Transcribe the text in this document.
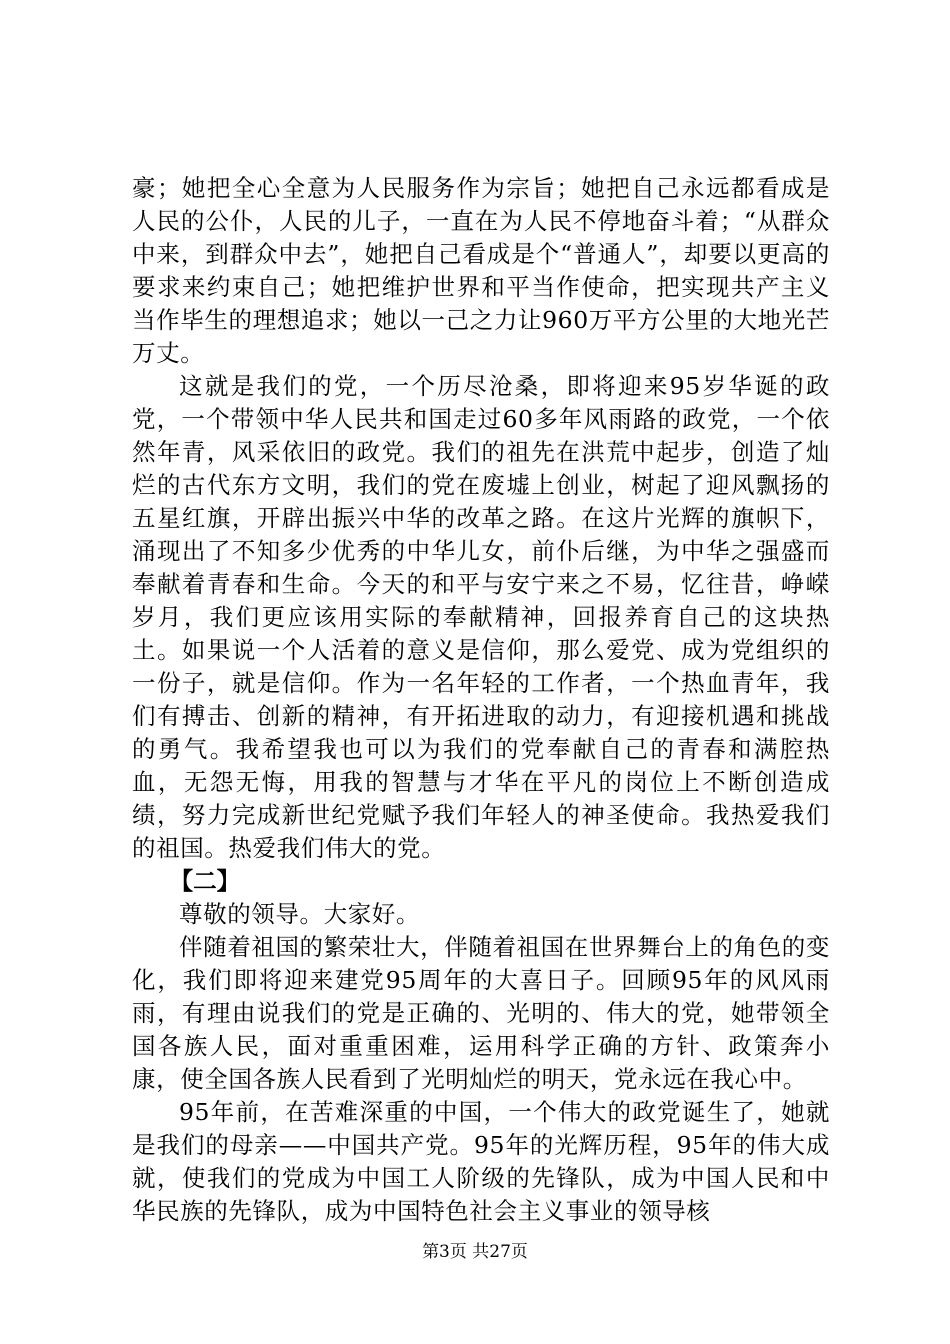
豪；她把全心全意为人民服务作为宗旨；她把自己永远都看成是人民的公仆，人民的儿子，一直在为人民不停地奋斗着；“从群众中来，到群众中去”，她把自己看成是个“普通人”，却要以更高的要求来约束自己；她把维护世界和平当作使命，把实现共产主义当作毕生的理想追求；她以一己之力让960万平方公里的大地光芒万丈。

这就是我们的党，一个历尽沧桑，即将迎来95岁华诞的政党，一个带领中华人民共和国走过60多年风雨路的政党，一个依然年青，风采依旧的政党。我们的祖先在洪荒中起步，创造了灿烂的古代东方文明，我们的党在废墟上创业，树起了迎风飘扬的五星红旗，开辟出振兴中华的改革之路。在这片光辉的旗帜下，涌现出了不知多少优秀的中华儿女，前仆后继，为中华之强盛而奉献着青春和生命。今天的和平与安宁来之不易，忆往昔，峥嵘岁月，我们更应该用实际的奉献精神，回报养育自己的这块热土。如果说一个人活着的意义是信仰，那么爱党、成为党组织的一份子，就是信仰。作为一名年轻的工作者，一个热血青年，我们有搏击、创新的精神，有开拓进取的动力，有迎接机遇和挑战的勇气。我希望我也可以为我们的党奉献自己的青春和满腔热血，无怨无悔，用我的智慧与才华在平凡的岗位上不断创造成绩，努力完成新世纪党赋予我们年轻人的神圣使命。我热爱我们的祖国。热爱我们伟大的党。

【二】

尊敬的领导。大家好。

伴随着祖国的繁荣壮大，伴随着祖国在世界舞台上的角色的变化，我们即将迎来建党95周年的大喜日子。回顾95年的风风雨雨，有理由说我们的党是正确的、光明的、伟大的党，她带领全国各族人民，面对重重困难，运用科学正确的方针、政策奔小康，使全国各族人民看到了光明灿烂的明天，党永远在我心中。

95年前，在苦难深重的中国，一个伟大的政党诞生了，她就是我们的母亲——中国共产党。95年的光辉历程，95年的伟大成就，使我们的党成为中国工人阶级的先锋队，成为中国人民和中华民族的先锋队，成为中国特色社会主义事业的领导核

第3页 共27页
